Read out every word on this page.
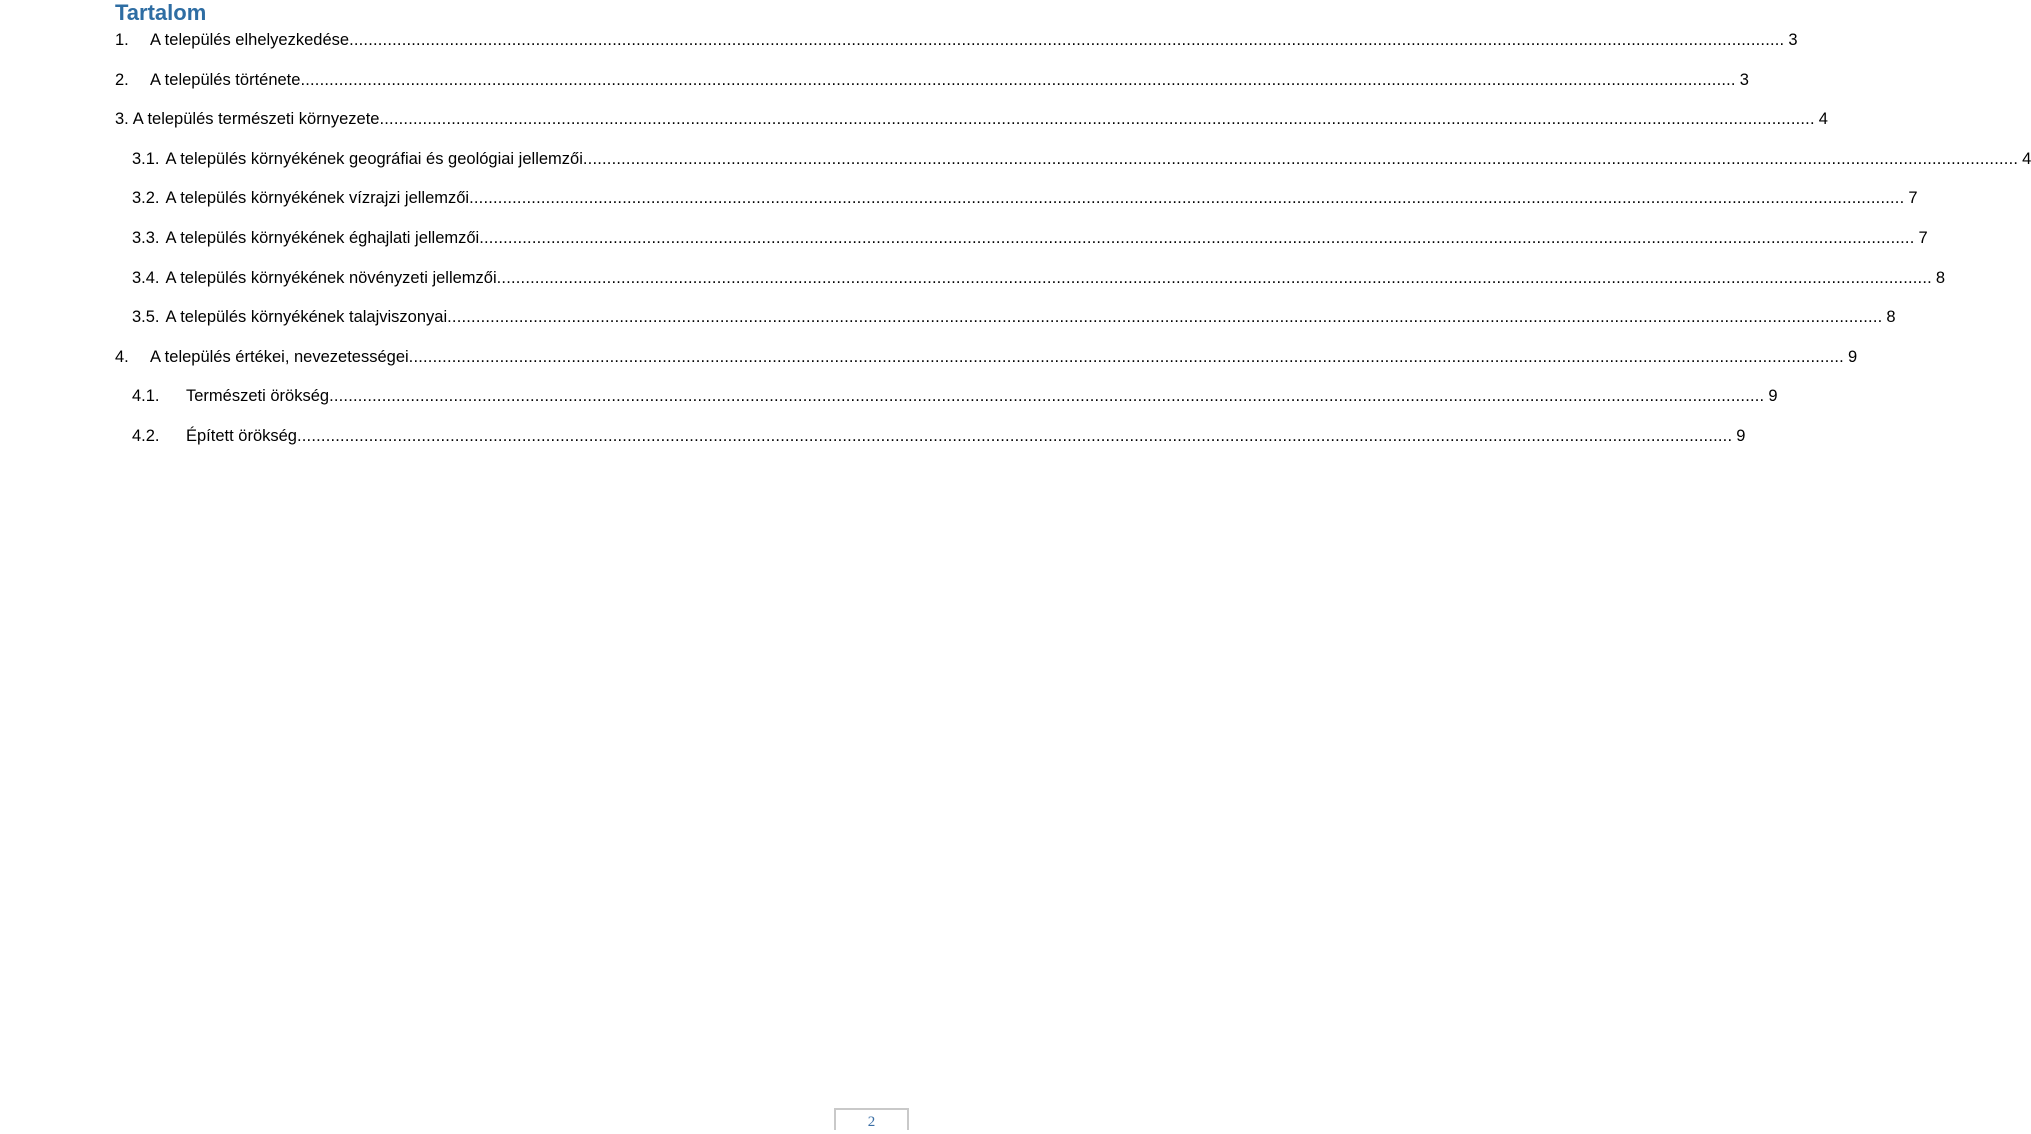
Tartalom
1.	A település elhelyezkedése ............................................................................................................................................................................................................................................................................................................ 3
2.	A település története ............................................................................................................................................................................................................................................................................................................ 3
3. A település természeti környezete ............................................................................................................................................................................................................................................................................................................ 4
3.1. A település környékének geográfiai és geológiai jellemzői ............................................................................................................................................................................................................................................................................................................ 4
3.2. A település környékének vízrajzi jellemzői ............................................................................................................................................................................................................................................................................................................ 7
3.3. A település környékének éghajlati jellemzői ............................................................................................................................................................................................................................................................................................................ 7
3.4. A település környékének növényzeti jellemzői ............................................................................................................................................................................................................................................................................................................ 8
3.5. A település környékének talajviszonyai ............................................................................................................................................................................................................................................................................................................ 8
4.	A település értékei, nevezetességei ............................................................................................................................................................................................................................................................................................................ 9
4.1.	Természeti örökség ............................................................................................................................................................................................................................................................................................................ 9
4.2.	Épített örökség ............................................................................................................................................................................................................................................................................................................ 9
2
